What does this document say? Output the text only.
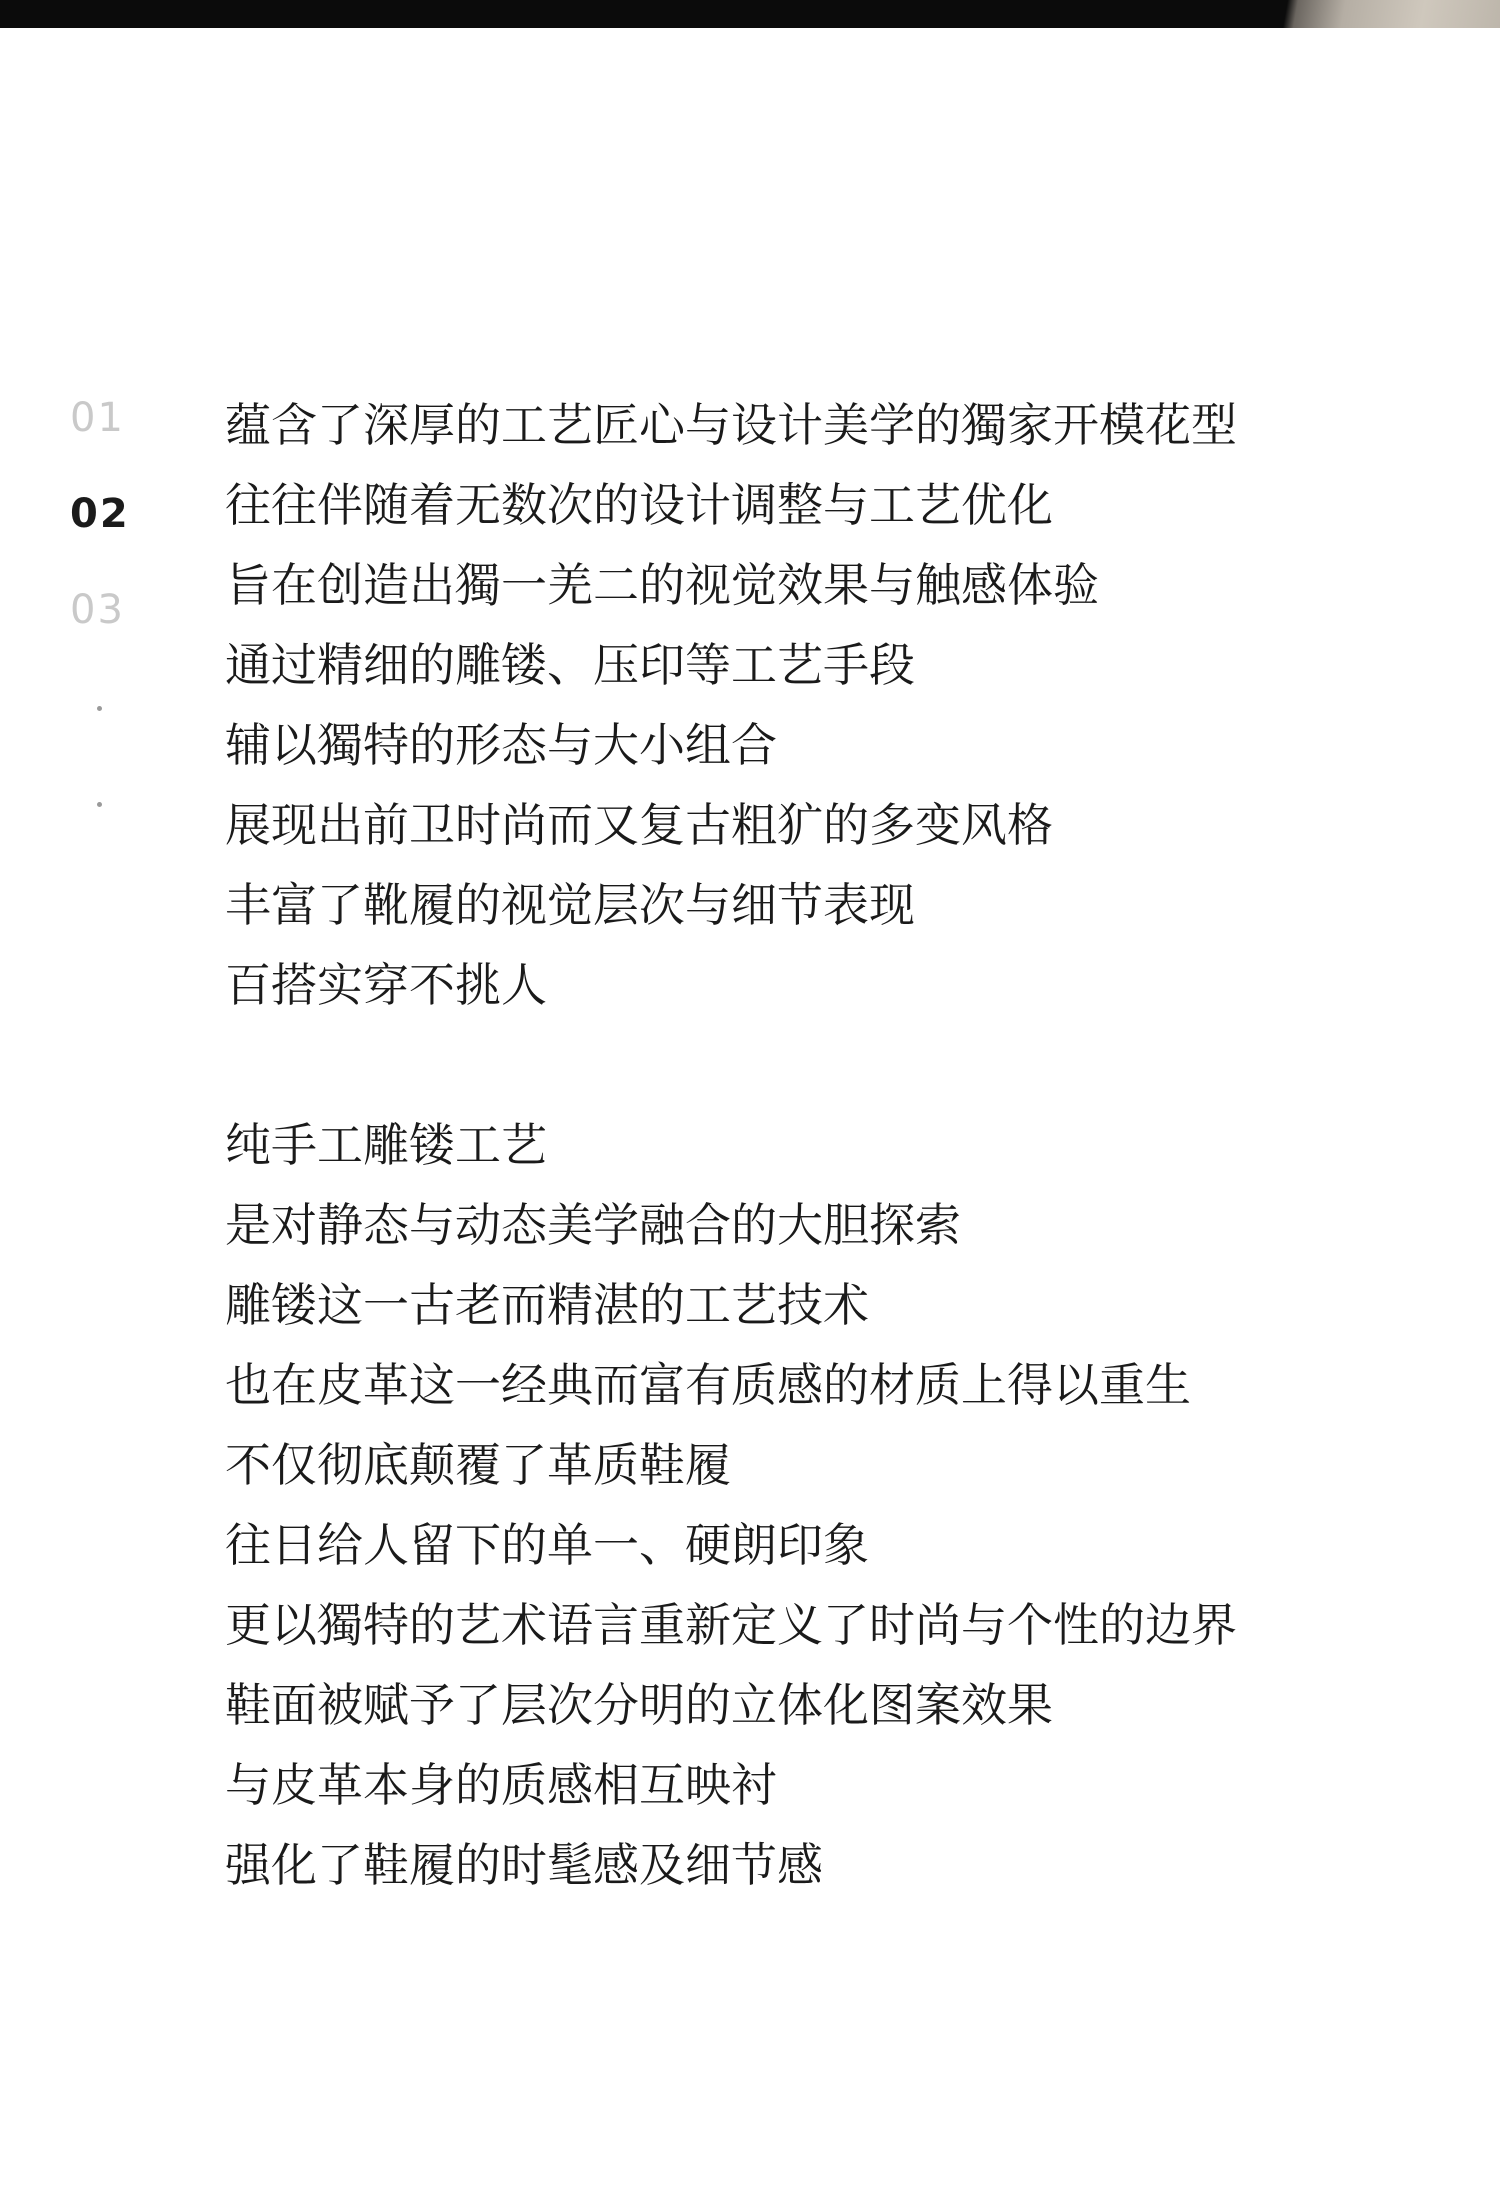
01
02
03
蕴含了深厚的工艺匠心与设计美学的獨家开模花型
往往伴随着无数次的设计调整与工艺优化
旨在创造出獨一羌二的视觉效果与触感体验
通过精细的雕镂、压印等工艺手段
辅以獨特的形态与大小组合
展现出前卫时尚而又复古粗犷的多变风格
丰富了靴履的视觉层次与细节表现
百搭实穿不挑人
纯手工雕镂工艺
是对静态与动态美学融合的大胆探索
雕镂这一古老而精湛的工艺技术
也在皮革这一经典而富有质感的材质上得以重生
不仅彻底颠覆了革质鞋履
往日给人留下的单一、硬朗印象
更以獨特的艺术语言重新定义了时尚与个性的边界
鞋面被赋予了层次分明的立体化图案效果
与皮革本身的质感相互映衬
强化了鞋履的时髦感及细节感
